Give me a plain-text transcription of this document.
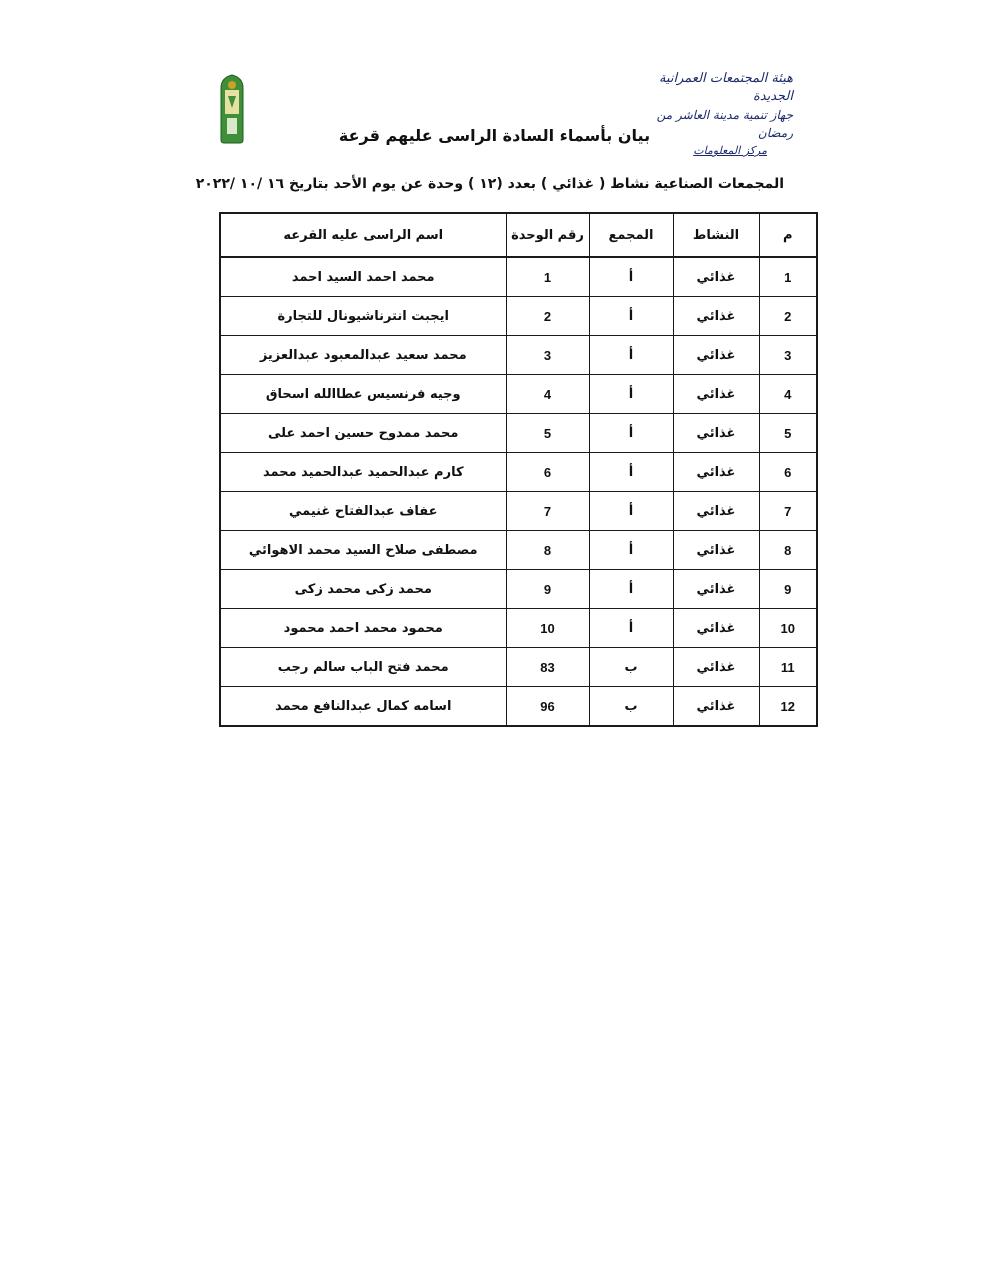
هيئة المجتمعات العمرانية الجديدة
جهاز تنمية مدينة العاشر من رمضان
مركز المعلومات
بيان بأسماء السادة الراسى عليهم قرعة
المجمعات الصناعية نشاط ( غذائي ) بعدد (١٢ ) وحدة عن يوم الأحد بتاريخ ١٦ /١٠ /٢٠٢٢
م	النشاط	المجمع	رقم الوحدة	اسم الراسى عليه القرعه
1	غذائي	أ	1	محمد احمد السيد احمد
2	غذائي	أ	2	ايجبت انترناشيونال للتجارة
3	غذائي	أ	3	محمد سعيد عبدالمعبود عبدالعزيز
4	غذائي	أ	4	وجيه فرنسيس عطاالله اسحاق
5	غذائي	أ	5	محمد ممدوح حسين احمد على
6	غذائي	أ	6	كارم عبدالحميد عبدالحميد محمد
7	غذائي	أ	7	عفاف عبدالفتاح غنيمي
8	غذائي	أ	8	مصطفى صلاح السيد محمد الاهوائي
9	غذائي	أ	9	محمد زكى محمد زكى
10	غذائي	أ	10	محمود محمد احمد محمود
11	غذائي	ب	83	محمد فتح الباب سالم رجب
12	غذائي	ب	96	اسامه كمال عبدالنافع محمد
